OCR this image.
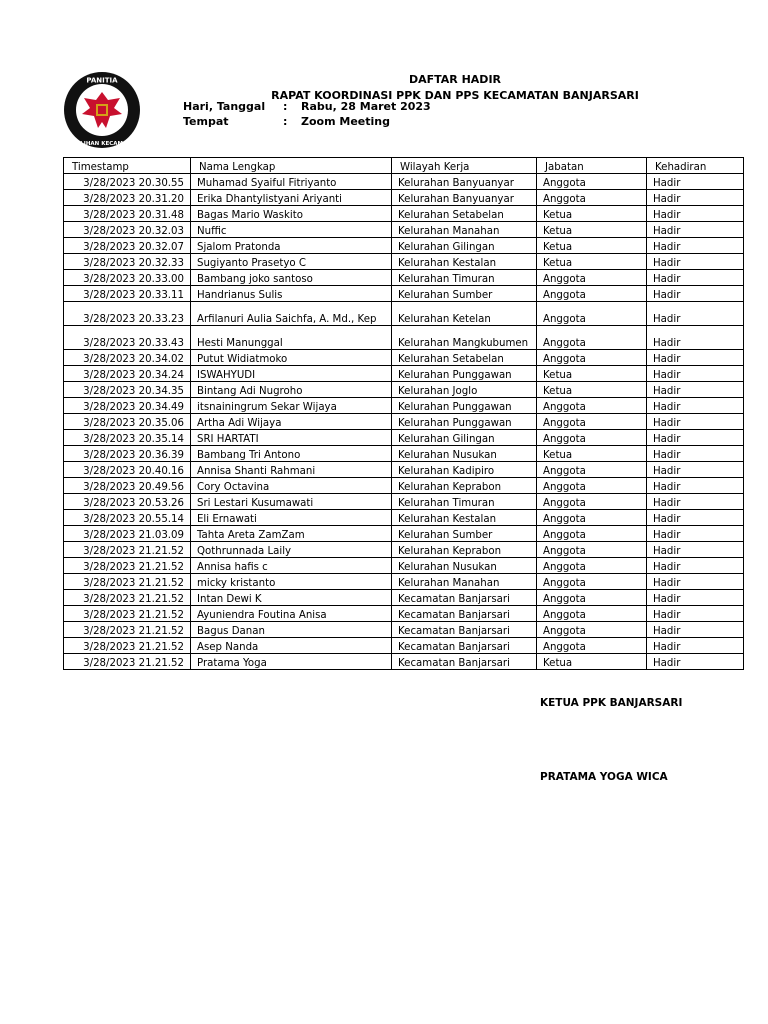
PANITIA
PEMILIHAN KECAMATAN
DAFTAR HADIR
RAPAT KOORDINASI PPK DAN PPS KECAMATAN BANJARSARI
Hari, Tanggal : Rabu, 28 Maret 2023
Tempat	: Zoom Meeting
Timestamp	Nama Lengkap	Wilayah Kerja	Jabatan	Kehadiran
3/28/2023 20.30.55	Muhamad Syaiful Fitriyanto	Kelurahan Banyuanyar	Anggota	Hadir
3/28/2023 20.31.20	Erika Dhantylistyani Ariyanti	Kelurahan Banyuanyar	Anggota	Hadir
3/28/2023 20.31.48	Bagas Mario Waskito	Kelurahan Setabelan	Ketua	Hadir
3/28/2023 20.32.03	Nuffic	Kelurahan Manahan	Ketua	Hadir
3/28/2023 20.32.07	Sjalom Pratonda	Kelurahan Gilingan	Ketua	Hadir
3/28/2023 20.32.33	Sugiyanto Prasetyo C	Kelurahan Kestalan	Ketua	Hadir
3/28/2023 20.33.00	Bambang joko santoso	Kelurahan Timuran	Anggota	Hadir
3/28/2023 20.33.11	Handrianus Sulis	Kelurahan Sumber	Anggota	Hadir
3/28/2023 20.33.23	Arfilanuri Aulia Saichfa, A. Md., Kep	Kelurahan Ketelan	Anggota	Hadir
3/28/2023 20.33.43	Hesti Manunggal	Kelurahan Mangkubumen	Anggota	Hadir
3/28/2023 20.34.02	Putut Widiatmoko	Kelurahan Setabelan	Anggota	Hadir
3/28/2023 20.34.24	ISWAHYUDI	Kelurahan Punggawan	Ketua	Hadir
3/28/2023 20.34.35	Bintang Adi Nugroho	Kelurahan Joglo	Ketua	Hadir
3/28/2023 20.34.49	itsnainingrum Sekar Wijaya	Kelurahan Punggawan	Anggota	Hadir
3/28/2023 20.35.06	Artha Adi Wijaya	Kelurahan Punggawan	Anggota	Hadir
3/28/2023 20.35.14	SRI HARTATI	Kelurahan Gilingan	Anggota	Hadir
3/28/2023 20.36.39	Bambang Tri Antono	Kelurahan Nusukan	Ketua	Hadir
3/28/2023 20.40.16	Annisa Shanti Rahmani	Kelurahan Kadipiro	Anggota	Hadir
3/28/2023 20.49.56	Cory Octavina	Kelurahan Keprabon	Anggota	Hadir
3/28/2023 20.53.26	Sri Lestari Kusumawati	Kelurahan Timuran	Anggota	Hadir
3/28/2023 20.55.14	Eli Ernawati	Kelurahan Kestalan	Anggota	Hadir
3/28/2023 21.03.09	Tahta Areta ZamZam	Kelurahan Sumber	Anggota	Hadir
3/28/2023 21.21.52	Qothrunnada Laily	Kelurahan Keprabon	Anggota	Hadir
3/28/2023 21.21.52	Annisa hafis c	Kelurahan Nusukan	Anggota	Hadir
3/28/2023 21.21.52	micky kristanto	Kelurahan Manahan	Anggota	Hadir
3/28/2023 21.21.52	Intan Dewi K	Kecamatan Banjarsari	Anggota	Hadir
3/28/2023 21.21.52	Ayuniendra Foutina Anisa	Kecamatan Banjarsari	Anggota	Hadir
3/28/2023 21.21.52	Bagus Danan	Kecamatan Banjarsari	Anggota	Hadir
3/28/2023 21.21.52	Asep Nanda	Kecamatan Banjarsari	Anggota	Hadir
3/28/2023 21.21.52	Pratama Yoga	Kecamatan Banjarsari	Ketua	Hadir
KETUA PPK BANJARSARI
PRATAMA YOGA WICA
